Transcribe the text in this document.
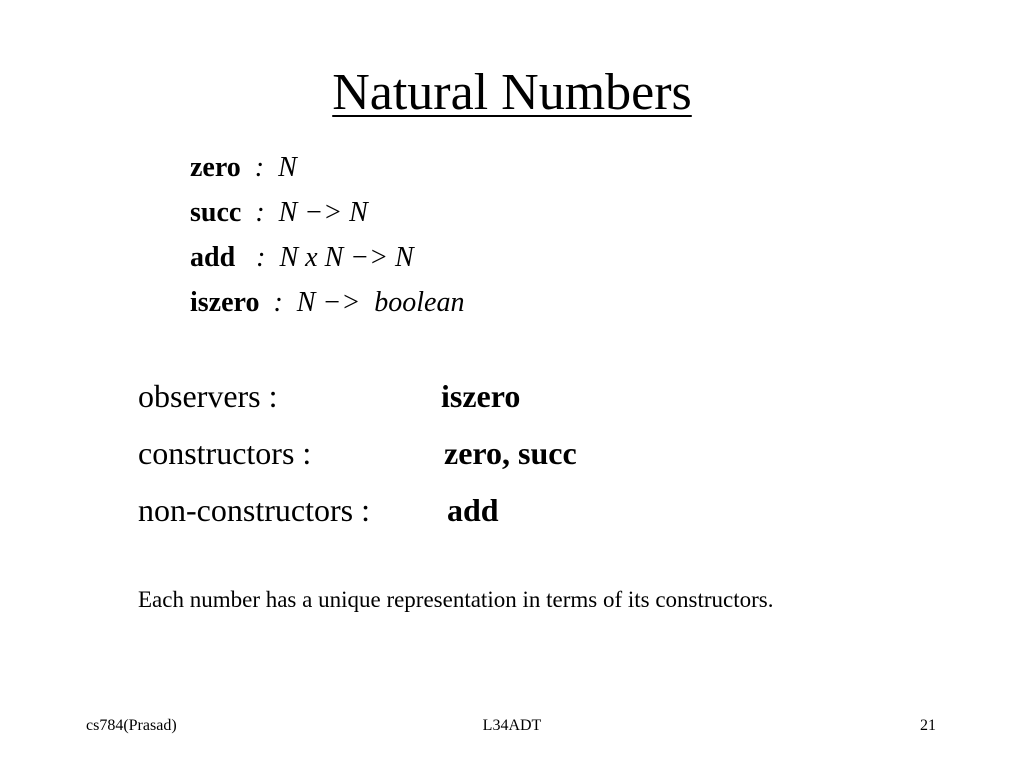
Natural Numbers
zero  :  N
succ  :  N −> N
add   :  N x N −> N
iszero  :  N −>  boolean
observers :	iszero
constructors :	zero, succ
non-constructors : add
Each number has a unique representation in terms of its constructors.
cs784(Prasad)	L34ADT	21
